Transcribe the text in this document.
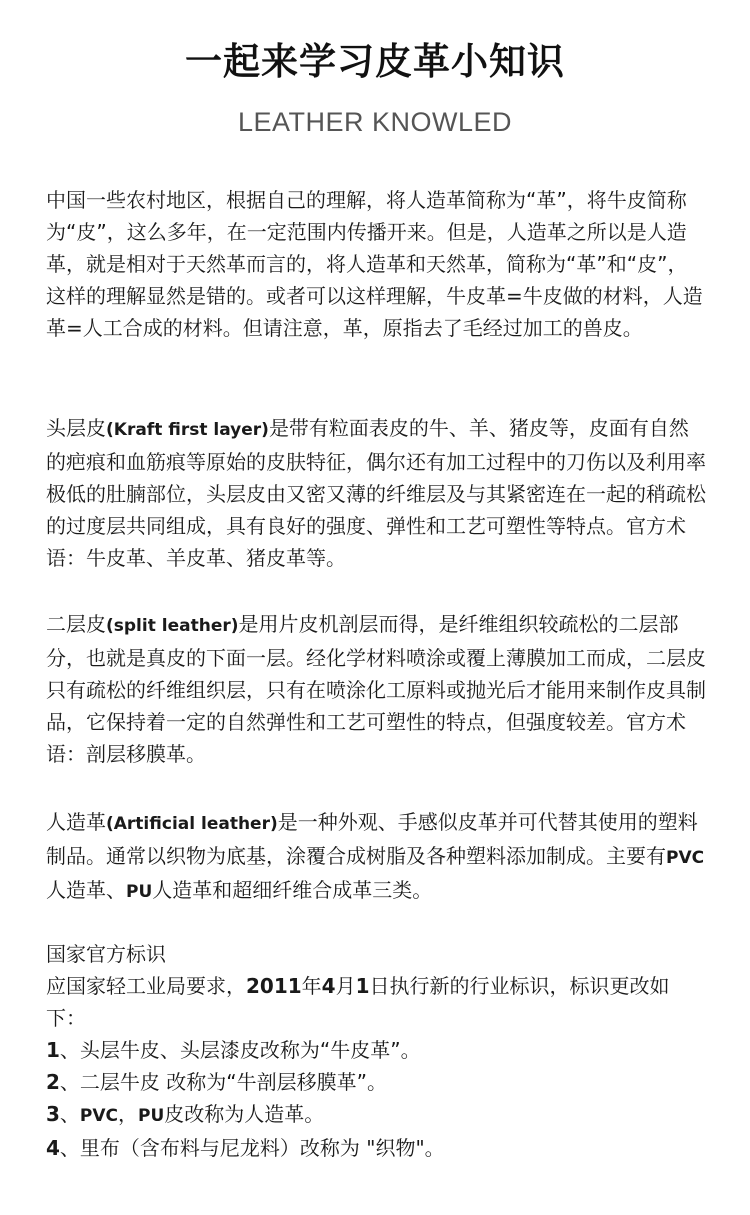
一起来学习皮革小知识
LEATHER KNOWLED

中国一些农村地区，根据自己的理解，将人造革简称为“革”，将牛皮简称为“皮”，这么多年，在一定范围内传播开来。但是，人造革之所以是人造革，就是相对于天然革而言的，将人造革和天然革，简称为“革”和“皮”，这样的理解显然是错的。或者可以这样理解，牛皮革=牛皮做的材料，人造革=人工合成的材料。但请注意，革，原指去了毛经过加工的兽皮。

头层皮(Kraft first layer)是带有粒面表皮的牛、羊、猪皮等，皮面有自然的疤痕和血筋痕等原始的皮肤特征，偶尔还有加工过程中的刀伤以及利用率极低的肚腩部位，头层皮由又密又薄的纤维层及与其紧密连在一起的稍疏松的过度层共同组成，具有良好的强度、弹性和工艺可塑性等特点。官方术语：牛皮革、羊皮革、猪皮革等。

二层皮(split leather)是用片皮机剖层而得，是纤维组织较疏松的二层部分，也就是真皮的下面一层。经化学材料喷涂或覆上薄膜加工而成，二层皮只有疏松的纤维组织层，只有在喷涂化工原料或抛光后才能用来制作皮具制品，它保持着一定的自然弹性和工艺可塑性的特点，但强度较差。官方术语：剖层移膜革。

人造革(Artificial leather)是一种外观、手感似皮革并可代替其使用的塑料制品。通常以织物为底基，涂覆合成树脂及各种塑料添加制成。主要有PVC人造革、PU人造革和超细纤维合成革三类。

国家官方标识
应国家轻工业局要求，2011年4月1日执行新的行业标识，标识更改如下：

1、头层牛皮、头层漆皮改称为“牛皮革”。
2、二层牛皮 改称为“牛剖层移膜革”。
3、PVC，PU皮改称为人造革。
4、里布（含布料与尼龙料）改称为 "织物"。
